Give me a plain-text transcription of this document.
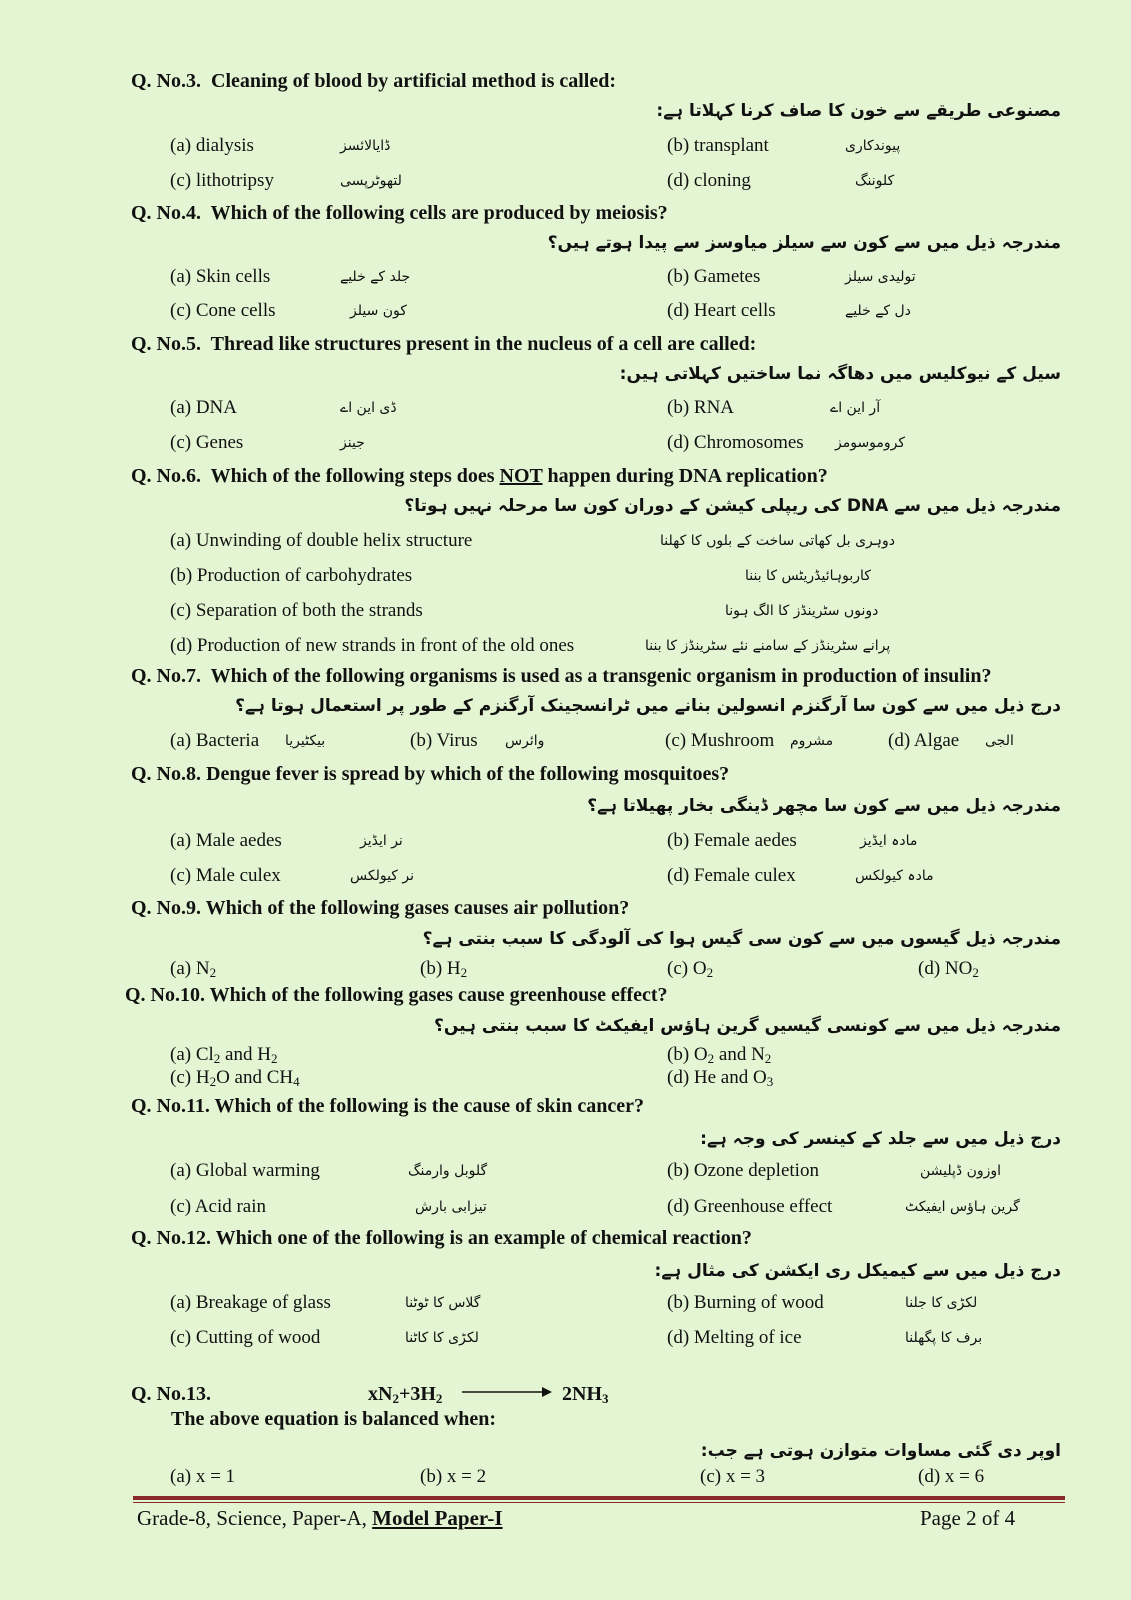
Q. No.3. Cleaning of blood by artificial method is called:
مصنوعی طریقے سے خون کا صاف کرنا کہلاتا ہے:
(a) dialysis	ڈایالائسز	(b) transplant	پیوندکاری
(c) lithotripsy	لتھوٹرپسی	(d) cloning	کلوننگ
Q. No.4. Which of the following cells are produced by meiosis?
مندرجہ ذیل میں سے کون سے سیلز میاوسز سے پیدا ہوتے ہیں؟
(a) Skin cells	جلد کے خلیے	(b) Gametes	تولیدی سیلز
(c) Cone cells	کون سیلز	(d) Heart cells	دل کے خلیے
Q. No.5. Thread like structures present in the nucleus of a cell are called:
سیل کے نیوکلیس میں دھاگہ نما ساختیں کہلاتی ہیں:
(a) DNA	ڈی این اے	(b) RNA	آر این اے
(c) Genes	جینز	(d) Chromosomes کروموسومز
Q. No.6. Which of the following steps does NOT happen during DNA replication?
مندرجہ ذیل میں سے DNA کی ریپلی کیشن کے دوران کون سا مرحلہ نہیں ہوتا؟
(a) Unwinding of double helix structure	دوہری بل کھاتی ساخت کے بلوں کا کھلنا
(b) Production of carbohydrates	کاربوہائیڈریٹس کا بننا
(c) Separation of both the strands	دونوں سٹرینڈز کا الگ ہونا
(d) Production of new strands in front of the old ones	پرانے سٹرینڈز کے سامنے نئے سٹرینڈز کا بننا
Q. No.7. Which of the following organisms is used as a transgenic organism in production of insulin?
درج ذیل میں سے کون سا آرگنزم انسولین بنانے میں ٹرانسجینک آرگنزم کے طور پر استعمال ہوتا ہے؟
(a) Bacteria بیکٹیریا	(b) Virus وائرس	(c) Mushroom مشروم	(d) Algae الجی
Q. No.8. Dengue fever is spread by which of the following mosquitoes?
مندرجہ ذیل میں سے کون سا مچھر ڈینگی بخار پھیلاتا ہے؟
(a) Male aedes	نر ایڈیز	(b) Female aedes	مادہ ایڈیز
(c) Male culex	نر کیولکس	(d) Female culex	مادہ کیولکس
Q. No.9. Which of the following gases causes air pollution?
مندرجہ ذیل گیسوں میں سے کون سی گیس ہوا کی آلودگی کا سبب بنتی ہے؟
(a) $N_2$	(b) $H_2$	(c) $O_2$	(d) $NO_2$
Q. No.10. Which of the following gases cause greenhouse effect?
مندرجہ ذیل میں سے کونسی گیسیں گرین ہاؤس ایفیکٹ کا سبب بنتی ہیں؟
(a) $Cl_2$ and $H_2$	(b) $O_2$ and $N_2$
(c) $H_2O$ and $CH_4$	(d) He and $O_3$
Q. No.11. Which of the following is the cause of skin cancer?
درج ذیل میں سے جلد کے کینسر کی وجہ ہے:
(a) Global warming	گلوبل وارمنگ	(b) Ozone depletion	اوزون ڈپلیشن
(c) Acid rain	تیزابی بارش	(d) Greenhouse effect	گرین ہاؤس ایفیکٹ
Q. No.12. Which one of the following is an example of chemical reaction?
درج ذیل میں سے کیمیکل ری ایکشن کی مثال ہے:
(a) Breakage of glass	گلاس کا ٹوٹنا	(b) Burning of wood	لکڑی کا جلنا
(c) Cutting of wood	لکڑی کا کاٹنا	(d) Melting of ice	برف کا پگھلنا
Q. No.13.	$xN_2+3H_2$	$2NH_3$
The above equation is balanced when:
اوپر دی گئی مساوات متوازن ہوتی ہے جب:
(a) x = 1	(b) x = 2	(c) x = 3	(d) x = 6
Grade-8, Science, Paper-A, Model Paper-I	Page 2 of 4
